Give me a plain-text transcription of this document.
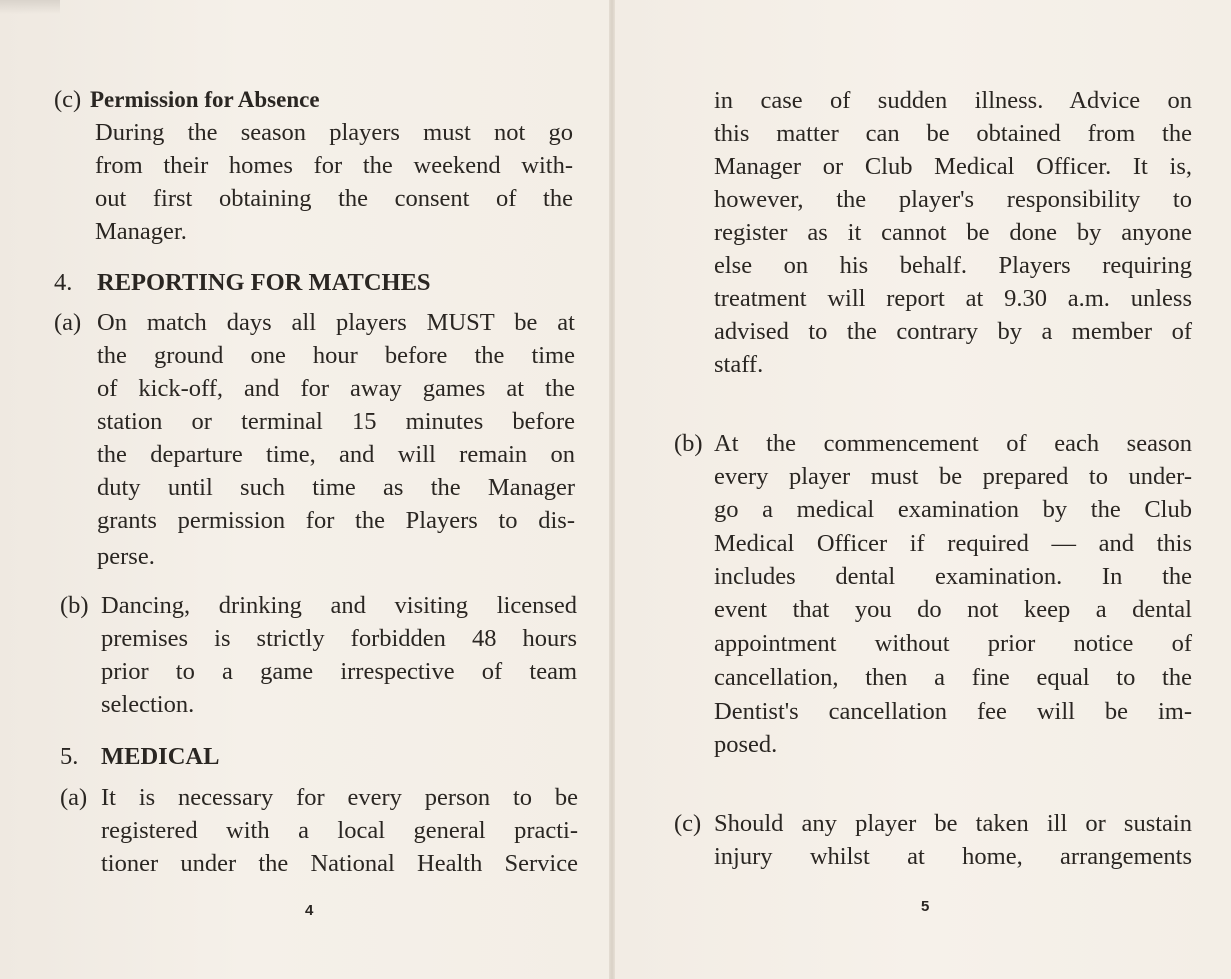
(c) Permission for Absence
During the season players must not go
from their homes for the weekend with-
out first obtaining the consent of the
Manager.
4. REPORTING FOR MATCHES
(a) On match days all players MUST be at
the ground one hour before the time
of kick-off, and for away games at the
station or terminal 15 minutes before
the departure time, and will remain on
duty until such time as the Manager
grants permission for the Players to dis-
perse.
(b) Dancing, drinking and visiting licensed
premises is strictly forbidden 48 hours
prior to a game irrespective of team
selection.
5. MEDICAL
(a) It is necessary for every person to be
registered with a local general practi-
tioner under the National Health Service
4
in case of sudden illness. Advice on
this matter can be obtained from the
Manager or Club Medical Officer. It is,
however, the player's responsibility to
register as it cannot be done by anyone
else on his behalf. Players requiring
treatment will report at 9.30 a.m. unless
advised to the contrary by a member of
staff.
(b) At the commencement of each season
every player must be prepared to under-
go a medical examination by the Club
Medical Officer if required — and this
includes dental examination. In the
event that you do not keep a dental
appointment without prior notice of
cancellation, then a fine equal to the
Dentist's cancellation fee will be im-
posed.
(c) Should any player be taken ill or sustain
injury whilst at home, arrangements
5
